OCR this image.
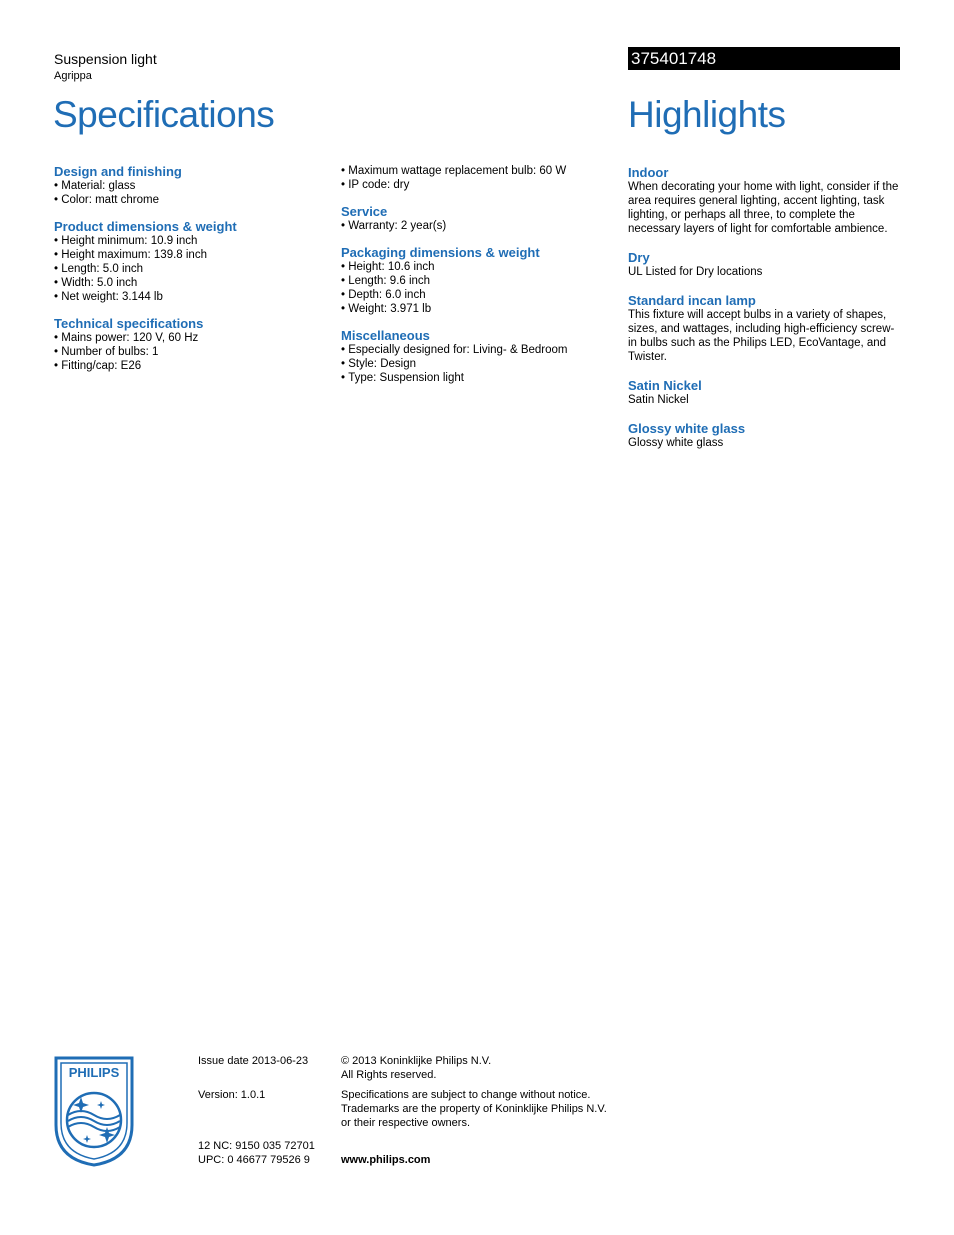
Suspension light
Agrippa
375401748
Specifications	Highlights
Design and finishing
• Material: glass
• Color: matt chrome
Product dimensions & weight
• Height minimum: 10.9 inch
• Height maximum: 139.8 inch
• Length: 5.0 inch
• Width: 5.0 inch
• Net weight: 3.144 lb
Technical specifications
• Mains power: 120 V, 60 Hz
• Number of bulbs: 1
• Fitting/cap: E26
• Maximum wattage replacement bulb: 60 W
• IP code: dry
Service
• Warranty: 2 year(s)
Packaging dimensions & weight
• Height: 10.6 inch
• Length: 9.6 inch
• Depth: 6.0 inch
• Weight: 3.971 lb
Miscellaneous
• Especially designed for: Living- & Bedroom
• Style: Design
• Type: Suspension light
Indoor
When decorating your home with light, consider if the area requires general lighting, accent lighting, task lighting, or perhaps all three, to complete the necessary layers of light for comfortable ambience.
Dry
UL Listed for Dry locations
Standard incan lamp
This fixture will accept bulbs in a variety of shapes, sizes, and wattages, including high-efficiency screw-in bulbs such as the Philips LED, EcoVantage, and Twister.
Satin Nickel
Satin Nickel
Glossy white glass
Glossy white glass
PHILIPS
Issue date 2013-06-23
Version: 1.0.1
12 NC: 9150 035 72701
UPC: 0 46677 79526 9
© 2013 Koninklijke Philips N.V.
All Rights reserved.
Specifications are subject to change without notice.
Trademarks are the property of Koninklijke Philips N.V.
or their respective owners.
www.philips.com
